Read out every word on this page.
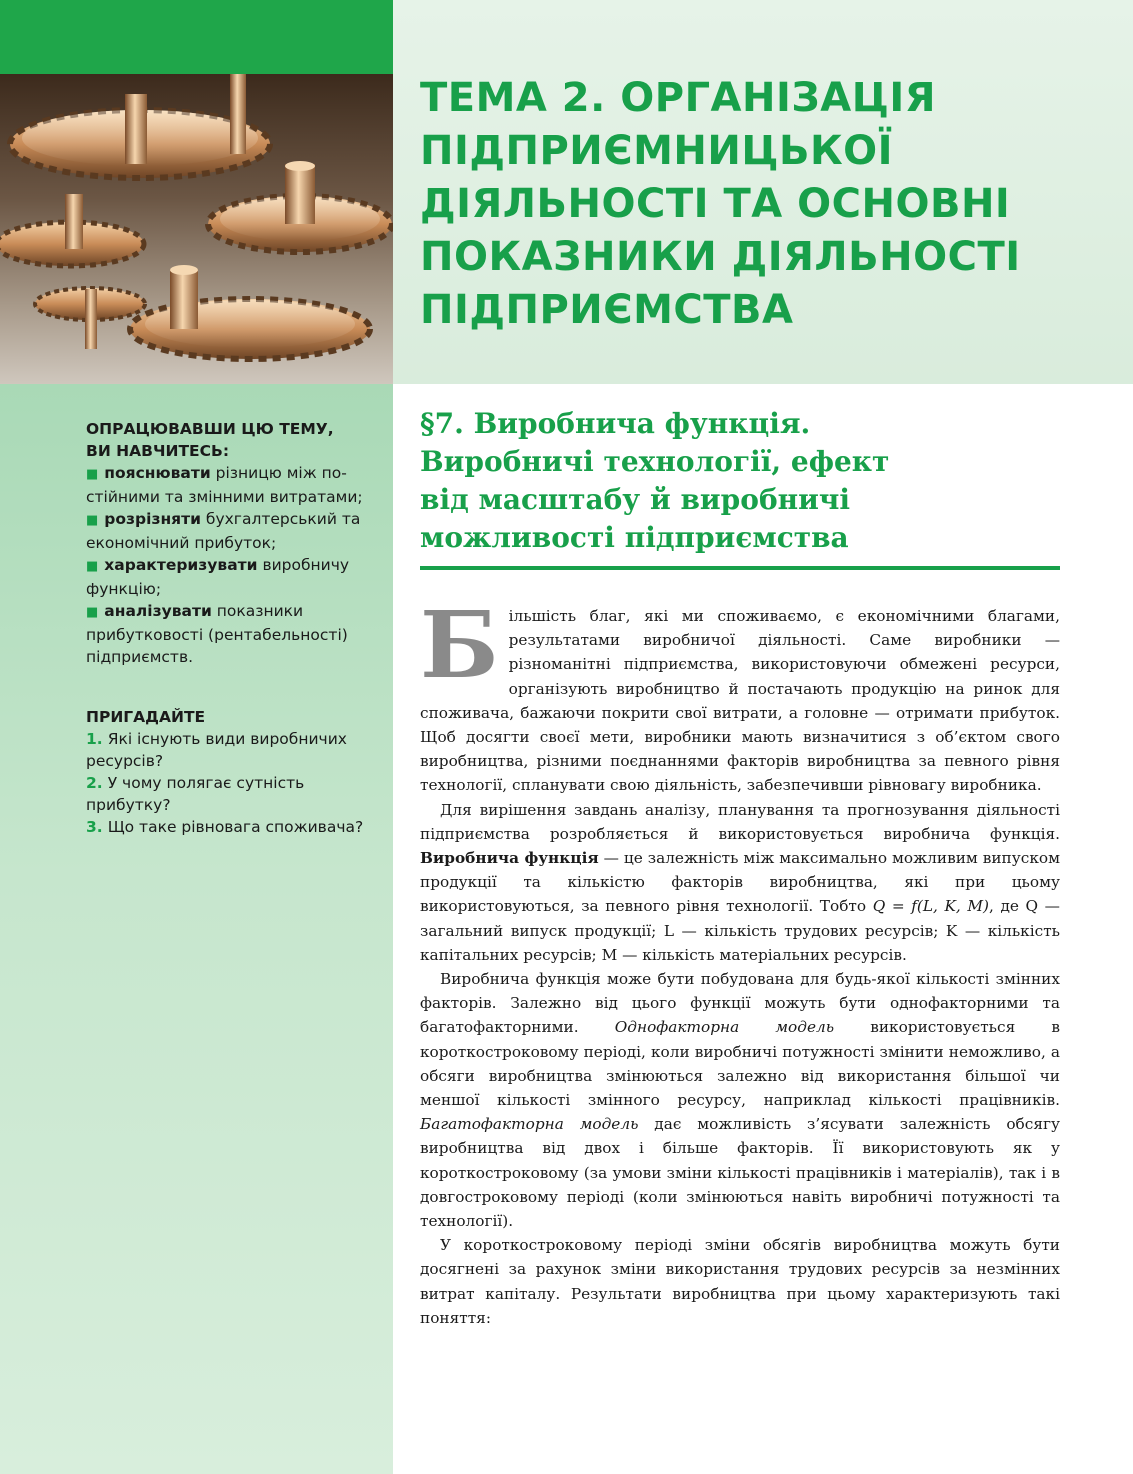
ТЕМА 2. ОРГАНІЗАЦІЯ
ПІДПРИЄМНИЦЬКОЇ
ДІЯЛЬНОСТІ ТА ОСНОВНІ
ПОКАЗНИКИ ДІЯЛЬНОСТІ
ПІДПРИЄМСТВА
§7. Виробнича функція.
Виробничі технології, ефект
від масштабу й виробничі
можливості підприємства
ОПРАЦЮВАВШИ ЦЮ ТЕМУ,
ВИ НАВЧИТЕСЬ:

■ пояснювати різницю між по-стійними та змінними витратами;

■ розрізняти бухгалтерський та економічний прибуток;

■ характеризувати виробничу функцію;

■ аналізувати показники прибутковості (рентабельності) підприємств.

ПРИГАДАЙТЕ

1. Які існують види виробничих ресурсів?

2. У чому полягає сутність прибутку?

3. Що таке рівновага споживача?

Більшість благ, які ми споживаємо, є економічними благами, результатами виробничої діяльності. Саме виробники — різноманітні підприємства, використовуючи обмежені ресурси, організують виробництво й постачають продукцію на ринок для споживача, бажаючи покрити свої витрати, а головне — отримати прибуток. Щоб досягти своєї мети, виробники мають визначитися з об’єктом свого виробництва, різними поєднаннями факторів виробництва за певного рівня технології, спланувати свою діяльність, забезпечивши рівновагу виробника.

Для вирішення завдань аналізу, планування та прогнозування діяльності підприємства розробляється й використовується виробнича функція. Виробнича функція — це залежність між максимально можливим випуском продукції та кількістю факторів виробництва, які при цьому використовуються, за певного рівня технології. Тобто Q = f(L, K, M), де Q — загальний випуск продукції; L — кількість трудових ресурсів; K — кількість капітальних ресурсів; M — кількість матеріальних ресурсів.

Виробнича функція може бути побудована для будь-якої кількості змінних факторів. Залежно від цього функції можуть бути однофакторними та багатофакторними. Однофакторна модель використовується в короткостроковому періоді, коли виробничі потужності змінити неможливо, а обсяги виробництва змінюються залежно від використання більшої чи меншої кількості змінного ресурсу, наприклад кількості працівників. Багатофакторна модель дає можливість з’ясувати залежність обсягу виробництва від двох і більше факторів. Її використовують як у короткостроковому (за умови зміни кількості працівників і матеріалів), так і в довгостроковому періоді (коли змінюються навіть виробничі потужності та технології).

У короткостроковому періоді зміни обсягів виробництва можуть бути досягнені за рахунок зміни використання трудових ресурсів за незмінних витрат капіталу. Результати виробництва при цьому характеризують такі поняття:
